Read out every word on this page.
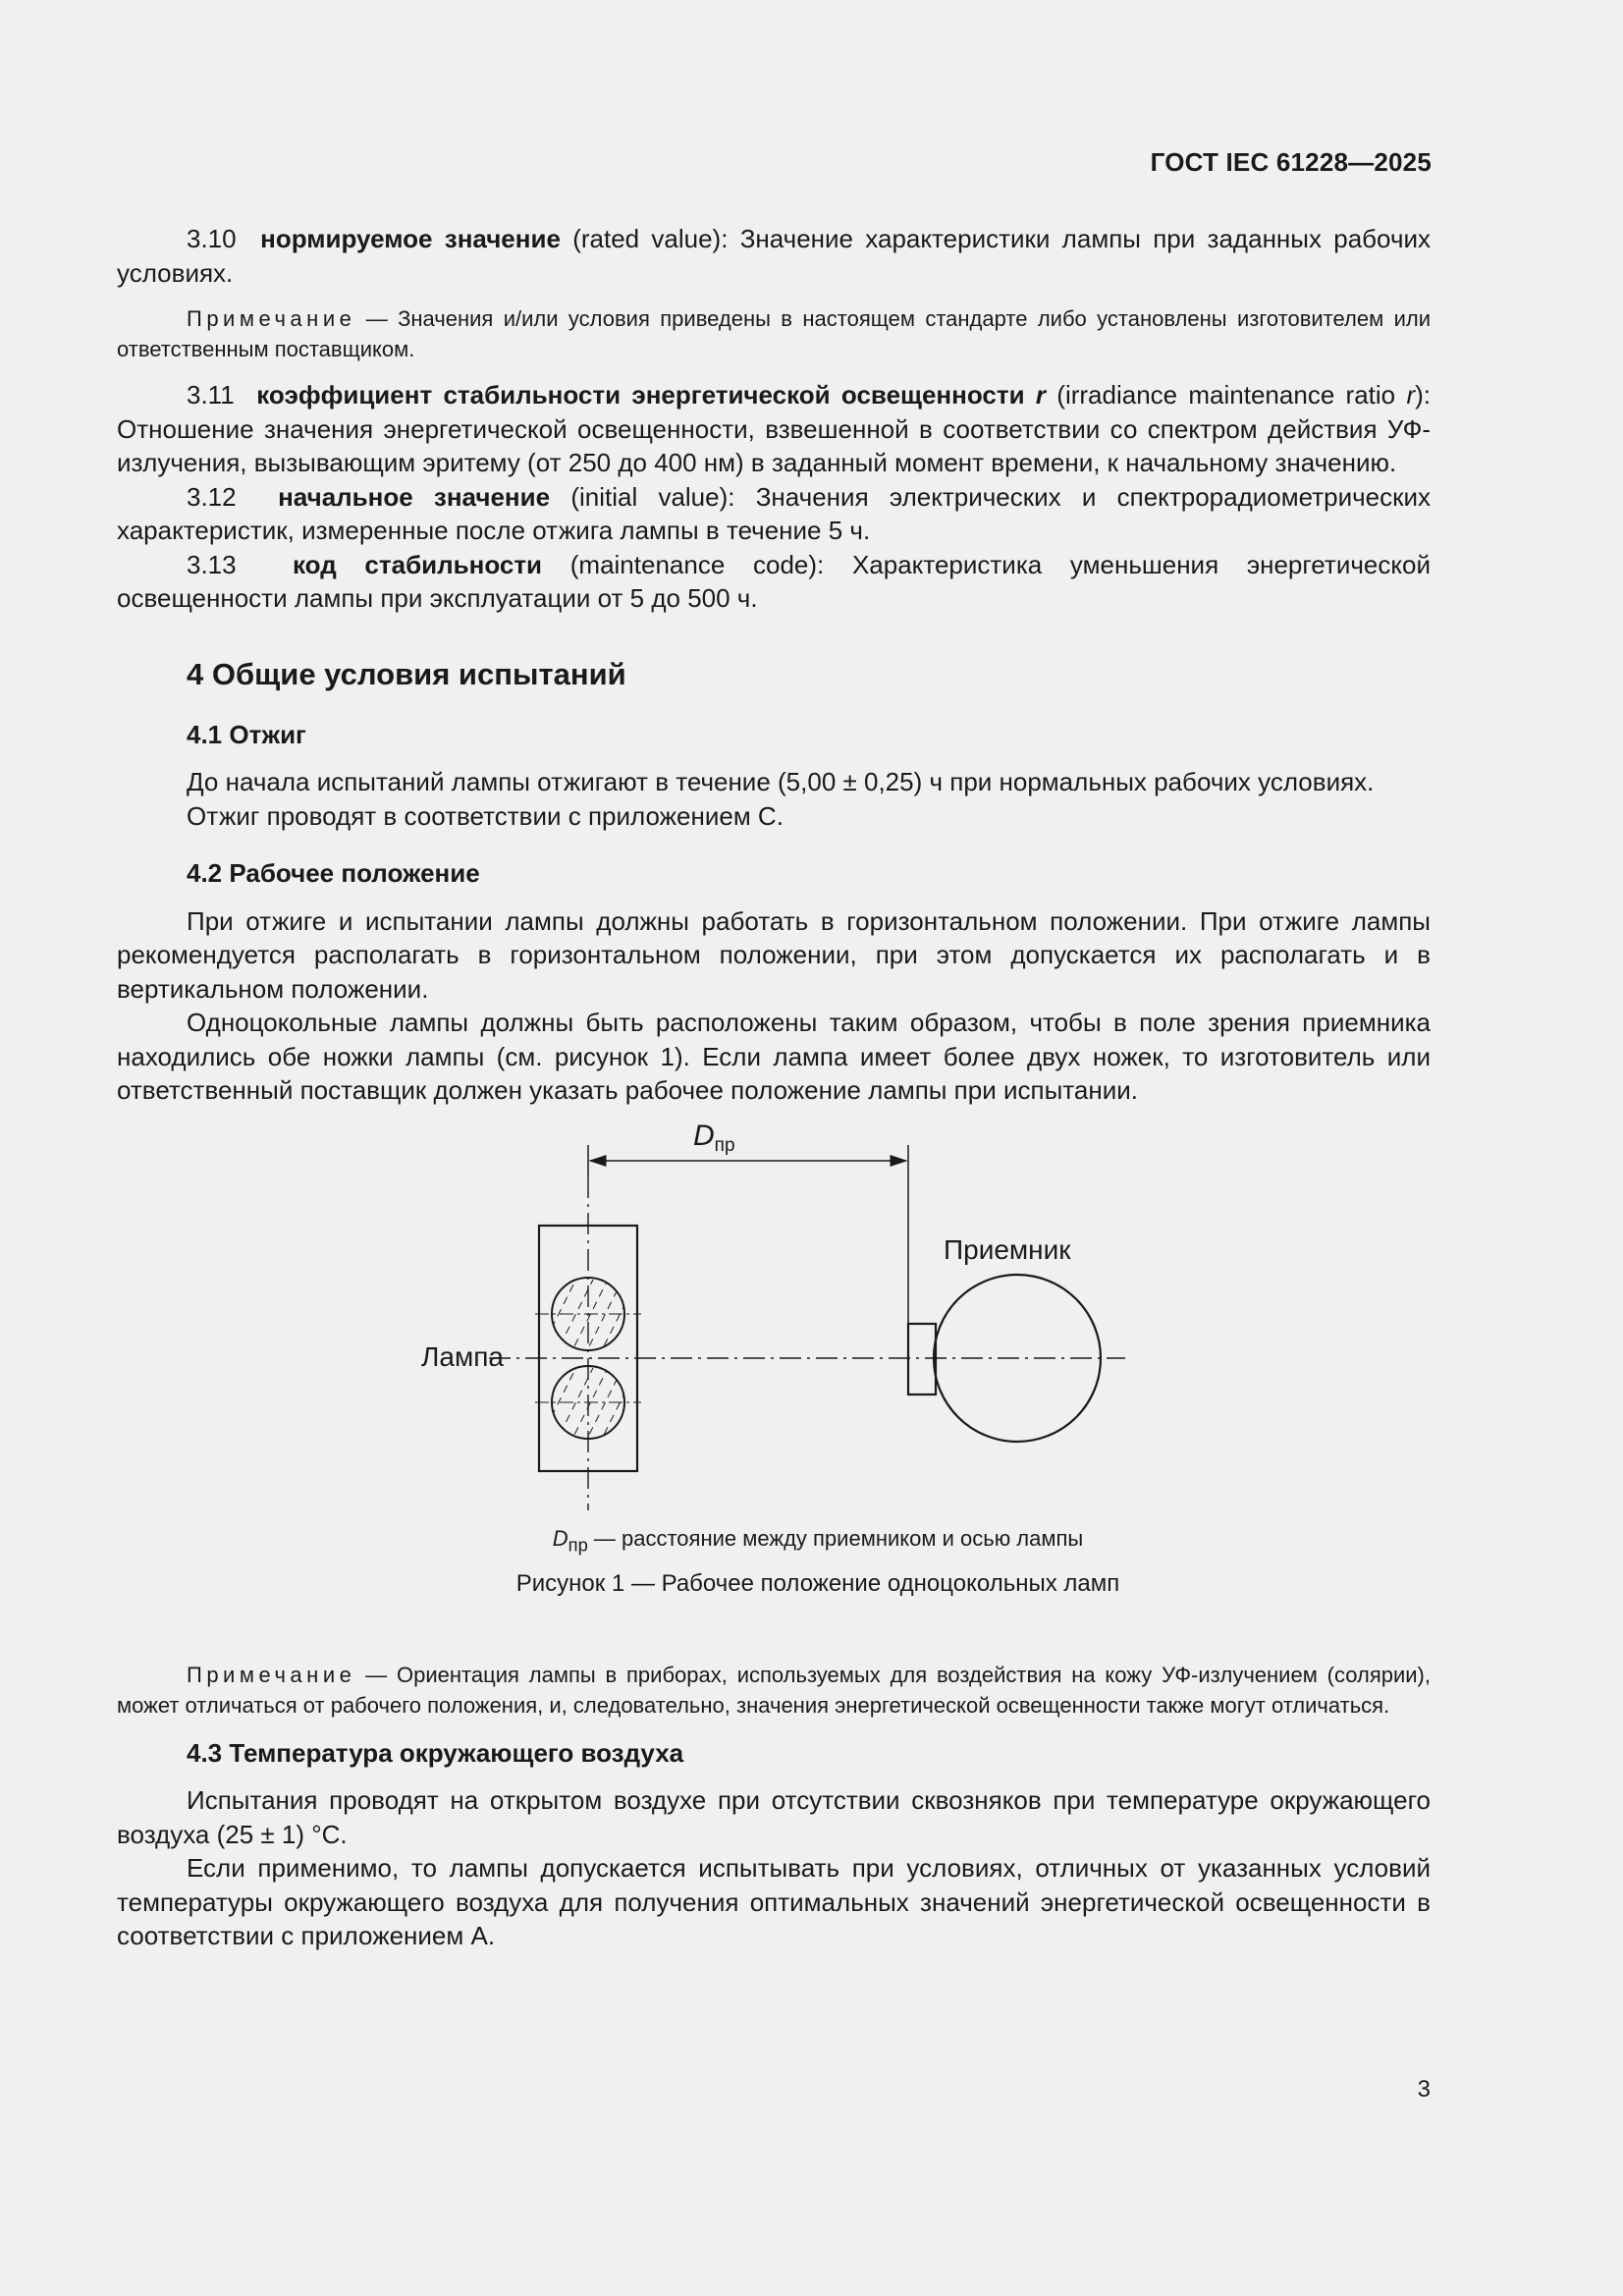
ГОСТ IEC 61228—2025

3.10 нормируемое значение (rated value): Значение характеристики лампы при заданных рабочих условиях.

Примечание — Значения и/или условия приведены в настоящем стандарте либо установлены изготовителем или ответственным поставщиком.

3.11 коэффициент стабильности энергетической освещенности r (irradiance maintenance ratio r): Отношение значения энергетической освещенности, взвешенной в соответствии со спектром действия УФ-излучения, вызывающим эритему (от 250 до 400 нм) в заданный момент времени, к начальному значению.

3.12 начальное значение (initial value): Значения электрических и спектрорадиометрических характеристик, измеренные после отжига лампы в течение 5 ч.

3.13 код стабильности (maintenance code): Характеристика уменьшения энергетической освещенности лампы при эксплуатации от 5 до 500 ч.

4 Общие условия испытаний
4.1 Отжиг

До начала испытаний лампы отжигают в течение (5,00 ± 0,25) ч при нормальных рабочих условиях.

Отжиг проводят в соответствии с приложением С.

4.2 Рабочее положение

При отжиге и испытании лампы должны работать в горизонтальном положении. При отжиге лампы рекомендуется располагать в горизонтальном положении, при этом допускается их располагать и в вертикальном положении.

Одноцокольные лампы должны быть расположены таким образом, чтобы в поле зрения приемника находились обе ножки лампы (см. рисунок 1). Если лампа имеет более двух ножек, то изготовитель или ответственный поставщик должен указать рабочее положение лампы при испытании.

$D_{пр}$
Лампа
Приемник
$D_{пр}$ — расстояние между приемником и осью лампы
Рисунок 1 — Рабочее положение одноцокольных ламп

Примечание — Ориентация лампы в приборах, используемых для воздействия на кожу УФ-излучением (солярии), может отличаться от рабочего положения, и, следовательно, значения энергетической освещенности также могут отличаться.

4.3 Температура окружающего воздуха

Испытания проводят на открытом воздухе при отсутствии сквозняков при температуре окружающего воздуха (25 ± 1) °С.

Если применимо, то лампы допускается испытывать при условиях, отличных от указанных условий температуры окружающего воздуха для получения оптимальных значений энергетической освещенности в соответствии с приложением А.

3
